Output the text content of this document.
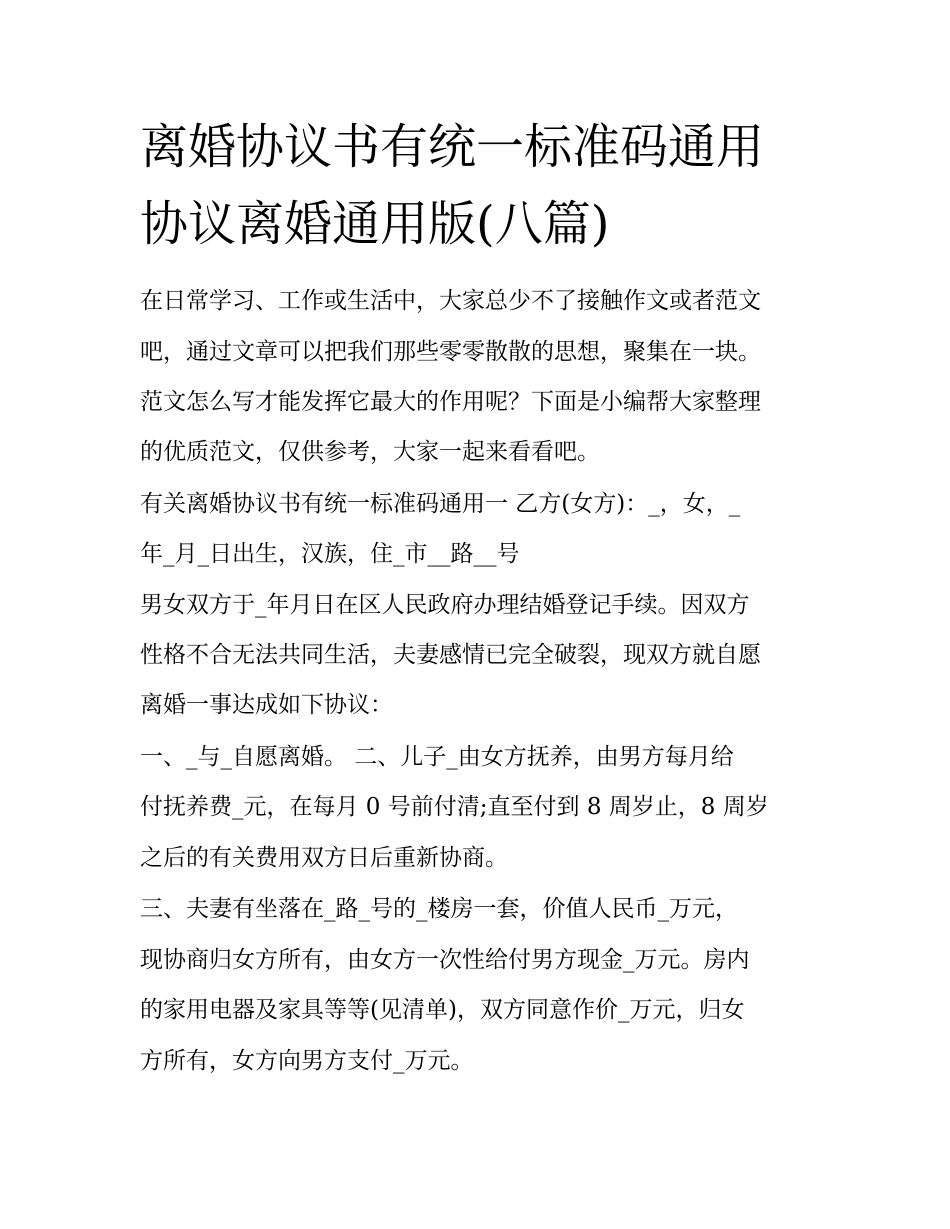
离婚协议书有统一标准码通用
协议离婚通用版(八篇)

在日常学习、工作或生活中，大家总少不了接触作文或者范文

吧，通过文章可以把我们那些零零散散的思想，聚集在一块。

范文怎么写才能发挥它最大的作用呢？下面是小编帮大家整理

的优质范文，仅供参考，大家一起来看看吧。

有关离婚协议书有统一标准码通用一 乙方(女方)：_，女，_

年_月_日出生，汉族，住_市__路__号

男女双方于_年月日在区人民政府办理结婚登记手续。因双方

性格不合无法共同生活，夫妻感情已完全破裂，现双方就自愿

离婚一事达成如下协议：

一、_与_自愿离婚。 二、儿子_由女方抚养，由男方每月给

付抚养费_元，在每月 0 号前付清;直至付到 8 周岁止，8 周岁

之后的有关费用双方日后重新协商。

三、夫妻有坐落在_路_号的_楼房一套，价值人民币_万元，

现协商归女方所有，由女方一次性给付男方现金_万元。房内

的家用电器及家具等等(见清单)，双方同意作价_万元，归女

方所有，女方向男方支付_万元。
